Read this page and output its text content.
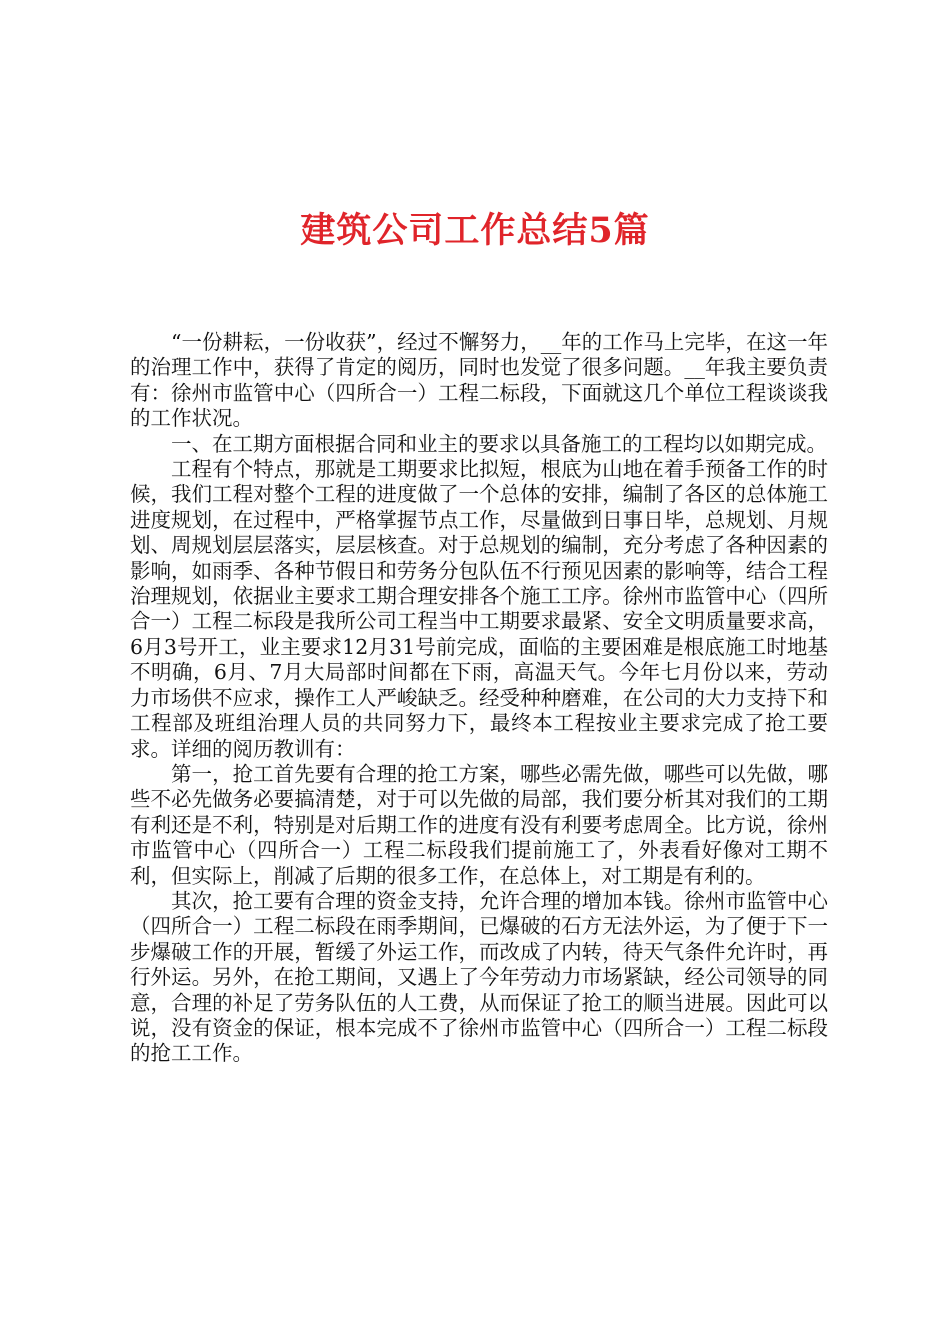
建筑公司工作总结5篇

“一份耕耘，一份收获”，经过不懈努力，__年的工作马上完毕，在这一年的治理工作中，获得了肯定的阅历，同时也发觉了很多问题。__年我主要负责有：徐州市监管中心（四所合一）工程二标段，下面就这几个单位工程谈谈我的工作状况。

一、在工期方面根据合同和业主的要求以具备施工的工程均以如期完成。

工程有个特点，那就是工期要求比拟短，根底为山地在着手预备工作的时候，我们工程对整个工程的进度做了一个总体的安排，编制了各区的总体施工进度规划，在过程中，严格掌握节点工作，尽量做到日事日毕，总规划、月规划、周规划层层落实，层层核查。对于总规划的编制，充分考虑了各种因素的影响，如雨季、各种节假日和劳务分包队伍不行预见因素的影响等，结合工程治理规划，依据业主要求工期合理安排各个施工工序。徐州市监管中心（四所合一）工程二标段是我所公司工程当中工期要求最紧、安全文明质量要求高，6月3号开工，业主要求12月31号前完成，面临的主要困难是根底施工时地基不明确，6月、7月大局部时间都在下雨，高温天气。今年七月份以来，劳动力市场供不应求，操作工人严峻缺乏。经受种种磨难，在公司的大力支持下和工程部及班组治理人员的共同努力下，最终本工程按业主要求完成了抢工要求。详细的阅历教训有：

第一，抢工首先要有合理的抢工方案，哪些必需先做，哪些可以先做，哪些不必先做务必要搞清楚，对于可以先做的局部，我们要分析其对我们的工期有利还是不利，特别是对后期工作的进度有没有利要考虑周全。比方说，徐州市监管中心（四所合一）工程二标段我们提前施工了，外表看好像对工期不利，但实际上，削减了后期的很多工作，在总体上，对工期是有利的。

其次，抢工要有合理的资金支持，允许合理的增加本钱。徐州市监管中心（四所合一）工程二标段在雨季期间，已爆破的石方无法外运，为了便于下一步爆破工作的开展，暂缓了外运工作，而改成了内转，待天气条件允许时，再行外运。另外，在抢工期间，又遇上了今年劳动力市场紧缺，经公司领导的同意，合理的补足了劳务队伍的人工费，从而保证了抢工的顺当进展。因此可以说，没有资金的保证，根本完成不了徐州市监管中心（四所合一）工程二标段的抢工工作。
